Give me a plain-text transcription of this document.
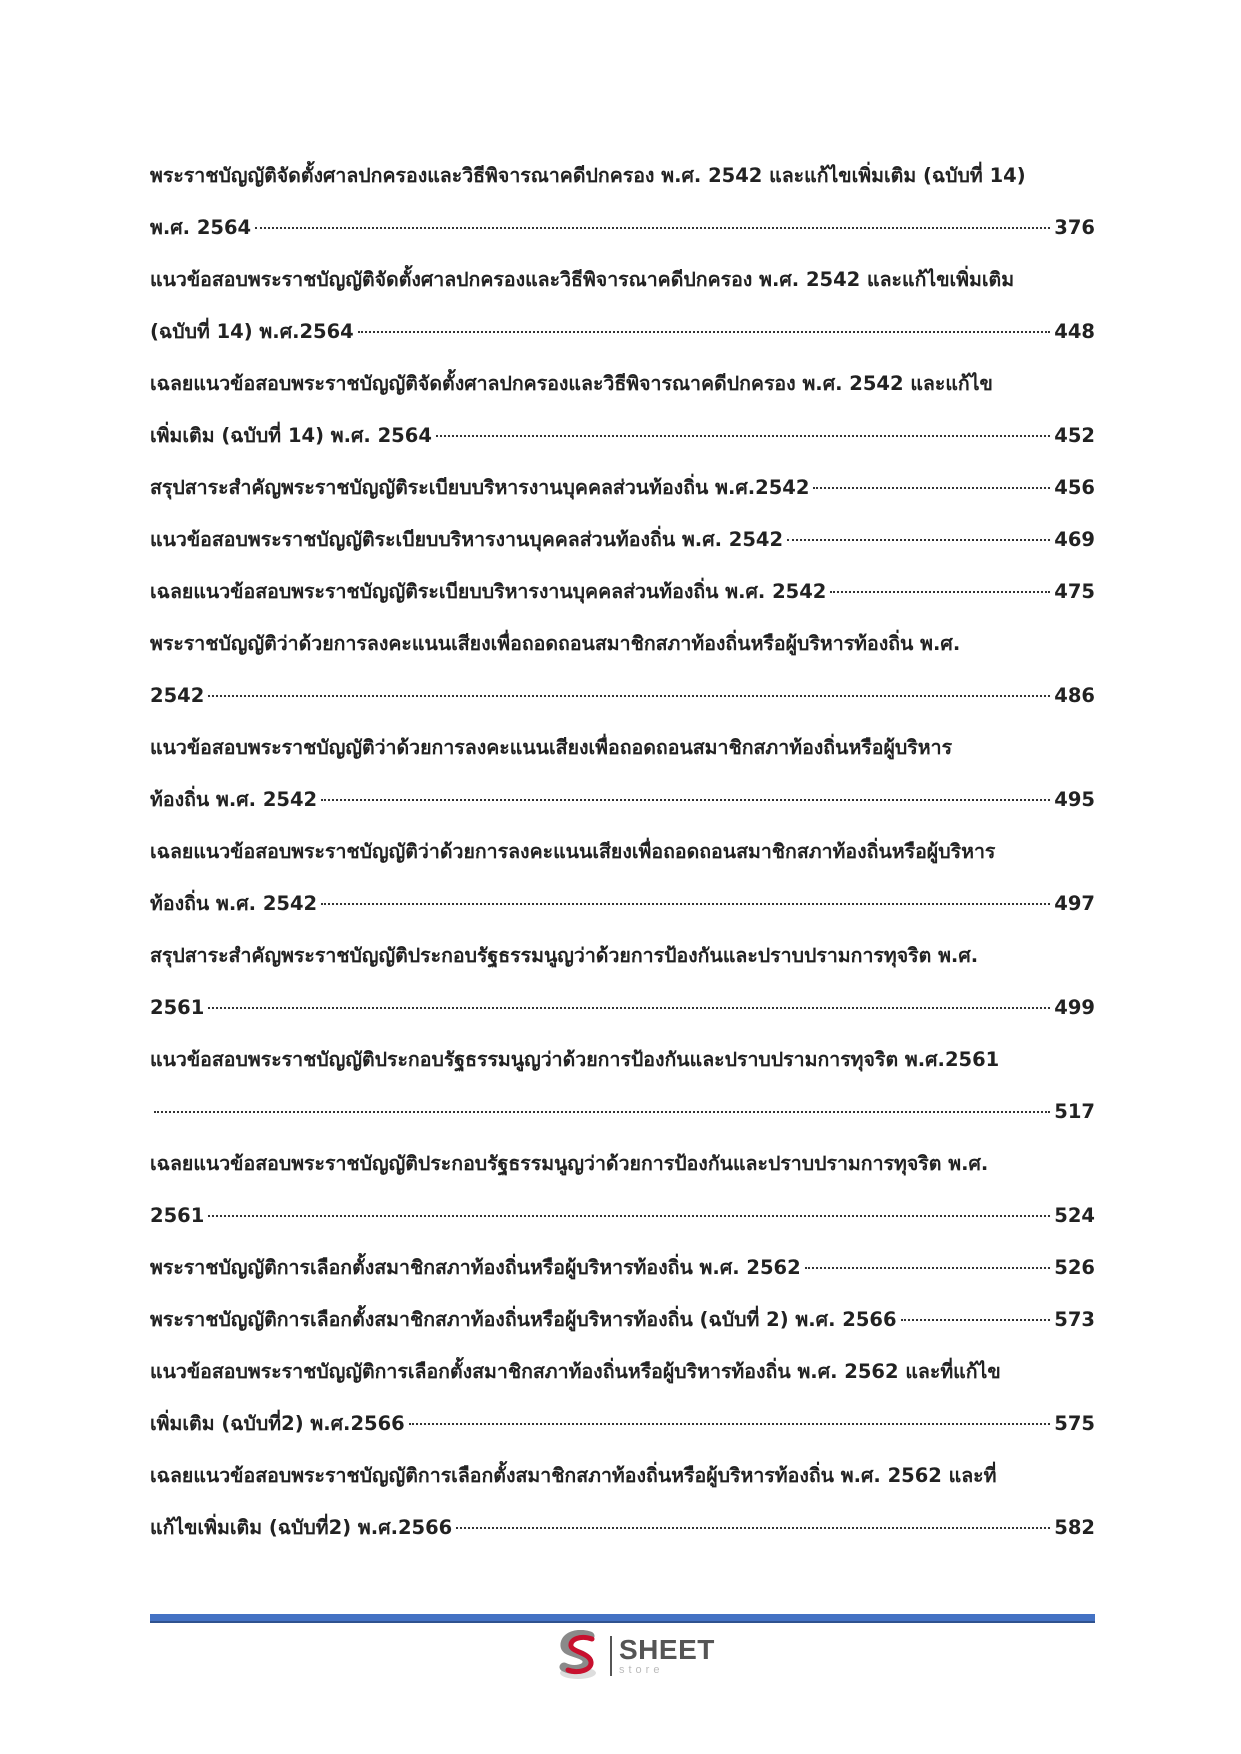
พระราชบัญญัติจัดตั้งศาลปกครองและวิธีพิจารณาคดีปกครอง พ.ศ. 2542 และแก้ไขเพิ่มเติม (ฉบับที่ 14)
พ.ศ. 2564	376
แนวข้อสอบพระราชบัญญัติจัดตั้งศาลปกครองและวิธีพิจารณาคดีปกครอง พ.ศ. 2542 และแก้ไขเพิ่มเติม
(ฉบับที่ 14) พ.ศ.2564	448
เฉลยแนวข้อสอบพระราชบัญญัติจัดตั้งศาลปกครองและวิธีพิจารณาคดีปกครอง พ.ศ. 2542 และแก้ไข
เพิ่มเติม (ฉบับที่ 14) พ.ศ. 2564	452
สรุปสาระสำคัญพระราชบัญญัติระเบียบบริหารงานบุคคลส่วนท้องถิ่น พ.ศ.2542	456
แนวข้อสอบพระราชบัญญัติระเบียบบริหารงานบุคคลส่วนท้องถิ่น พ.ศ. 2542	469
เฉลยแนวข้อสอบพระราชบัญญัติระเบียบบริหารงานบุคคลส่วนท้องถิ่น พ.ศ. 2542	475
พระราชบัญญัติว่าด้วยการลงคะแนนเสียงเพื่อถอดถอนสมาชิกสภาท้องถิ่นหรือผู้บริหารท้องถิ่น พ.ศ.
2542	486
แนวข้อสอบพระราชบัญญัติว่าด้วยการลงคะแนนเสียงเพื่อถอดถอนสมาชิกสภาท้องถิ่นหรือผู้บริหาร
ท้องถิ่น พ.ศ. 2542	495
เฉลยแนวข้อสอบพระราชบัญญัติว่าด้วยการลงคะแนนเสียงเพื่อถอดถอนสมาชิกสภาท้องถิ่นหรือผู้บริหาร
ท้องถิ่น พ.ศ. 2542	497
สรุปสาระสำคัญพระราชบัญญัติประกอบรัฐธรรมนูญว่าด้วยการป้องกันและปราบปรามการทุจริต พ.ศ.
2561	499
แนวข้อสอบพระราชบัญญัติประกอบรัฐธรรมนูญว่าด้วยการป้องกันและปราบปรามการทุจริต พ.ศ.2561
517
เฉลยแนวข้อสอบพระราชบัญญัติประกอบรัฐธรรมนูญว่าด้วยการป้องกันและปราบปรามการทุจริต พ.ศ.
2561	524
พระราชบัญญัติการเลือกตั้งสมาชิกสภาท้องถิ่นหรือผู้บริหารท้องถิ่น พ.ศ. 2562	526
พระราชบัญญัติการเลือกตั้งสมาชิกสภาท้องถิ่นหรือผู้บริหารท้องถิ่น (ฉบับที่ 2) พ.ศ. 2566	573
แนวข้อสอบพระราชบัญญัติการเลือกตั้งสมาชิกสภาท้องถิ่นหรือผู้บริหารท้องถิ่น พ.ศ. 2562 และที่แก้ไข
เพิ่มเติม (ฉบับที่2) พ.ศ.2566	575
เฉลยแนวข้อสอบพระราชบัญญัติการเลือกตั้งสมาชิกสภาท้องถิ่นหรือผู้บริหารท้องถิ่น พ.ศ. 2562 และที่
แก้ไขเพิ่มเติม (ฉบับที่2) พ.ศ.2566	582
SHEET
store
